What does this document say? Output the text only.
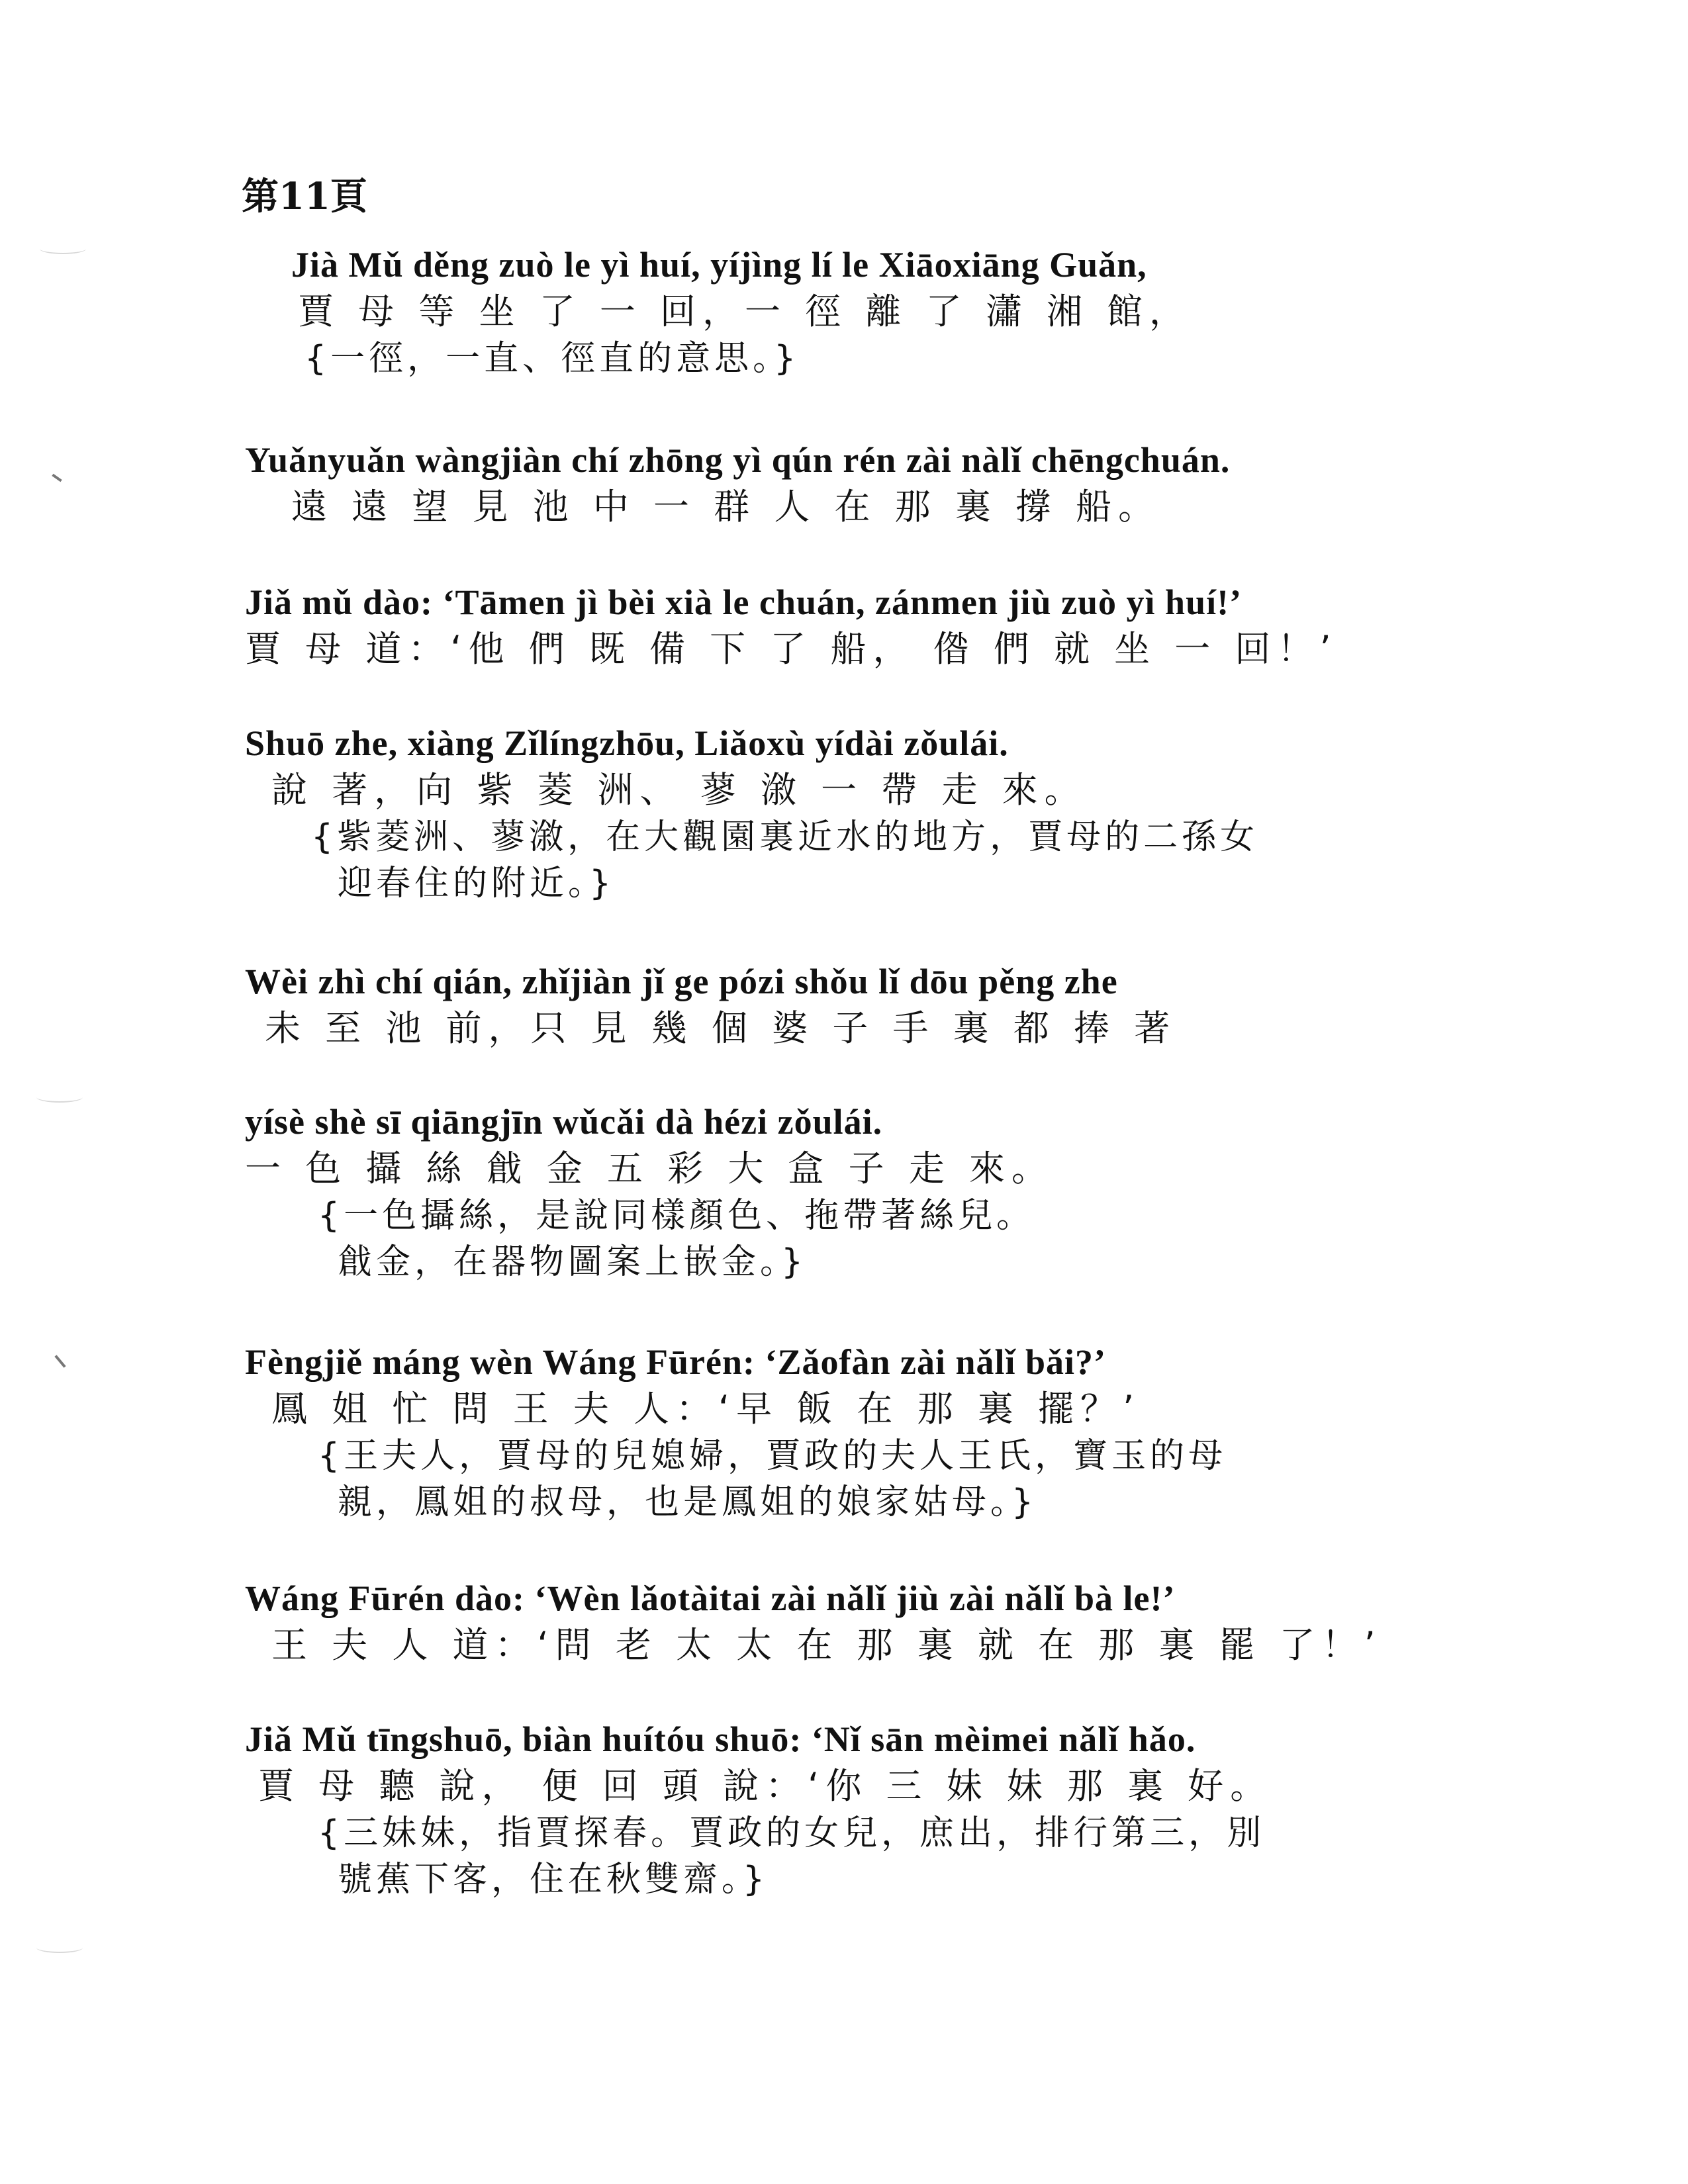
第11頁
Jià Mǔ děng zuò le yì huí, yíjìng lí le Xiāoxiāng Guǎn,
賈 母 等 坐 了 一 回，一 徑 離 了 瀟 湘 館，
{一徑，一直、徑直的意思。}
Yuǎnyuǎn wàngjiàn chí zhōng yì qún rén zài nàlǐ chēngchuán.
遠 遠 望 見 池 中 一 群 人 在 那 裏 撐 船。
Jiǎ mǔ dào: ‘Tāmen jì bèi xià le chuán, zánmen jiù zuò yì huí!’
賈 母 道：‘他 們 既 備 下 了 船， 偺 們 就 坐 一 回！’
Shuō zhe, xiàng Zǐlíngzhōu, Liǎoxù yídài zǒulái.
說 著，向 紫 菱 洲、 蓼 漵 一 帶 走 來。
{紫菱洲、蓼漵，在大觀園裏近水的地方，賈母的二孫女
迎春住的附近。}
Wèi zhì chí qián, zhǐjiàn jǐ ge pózi shǒu lǐ dōu pěng zhe
未 至 池 前，只 見 幾 個 婆 子 手 裏 都 捧 著
yísè shè sī qiāngjīn wǔcǎi dà hézi zǒulái.
一 色 攝 絲 戧 金 五 彩 大 盒 子 走 來。
{一色攝絲，是說同樣顏色、拖帶著絲兒。
戧金，在器物圖案上嵌金。}
Fèngjiě máng wèn Wáng Fūrén: ‘Zǎofàn zài nǎlǐ bǎi?’
鳳 姐 忙 問 王 夫 人：‘早 飯 在 那 裏 擺？’
{王夫人，賈母的兒媳婦，賈政的夫人王氏，寶玉的母
親，鳳姐的叔母，也是鳳姐的娘家姑母。}
Wáng Fūrén dào: ‘Wèn lǎotàitai zài nǎlǐ jiù zài nǎlǐ bà le!’
王 夫 人 道：‘問 老 太 太 在 那 裏 就 在 那 裏 罷 了！’
Jiǎ Mǔ tīngshuō, biàn huítóu shuō: ‘Nǐ sān mèimei nǎlǐ hǎo.
賈 母 聽 說， 便 回 頭 說：‘你 三 妹 妹 那 裏 好。
{三妹妹，指賈探春。賈政的女兒，庶出，排行第三，別
號蕉下客，住在秋雙齋。}
